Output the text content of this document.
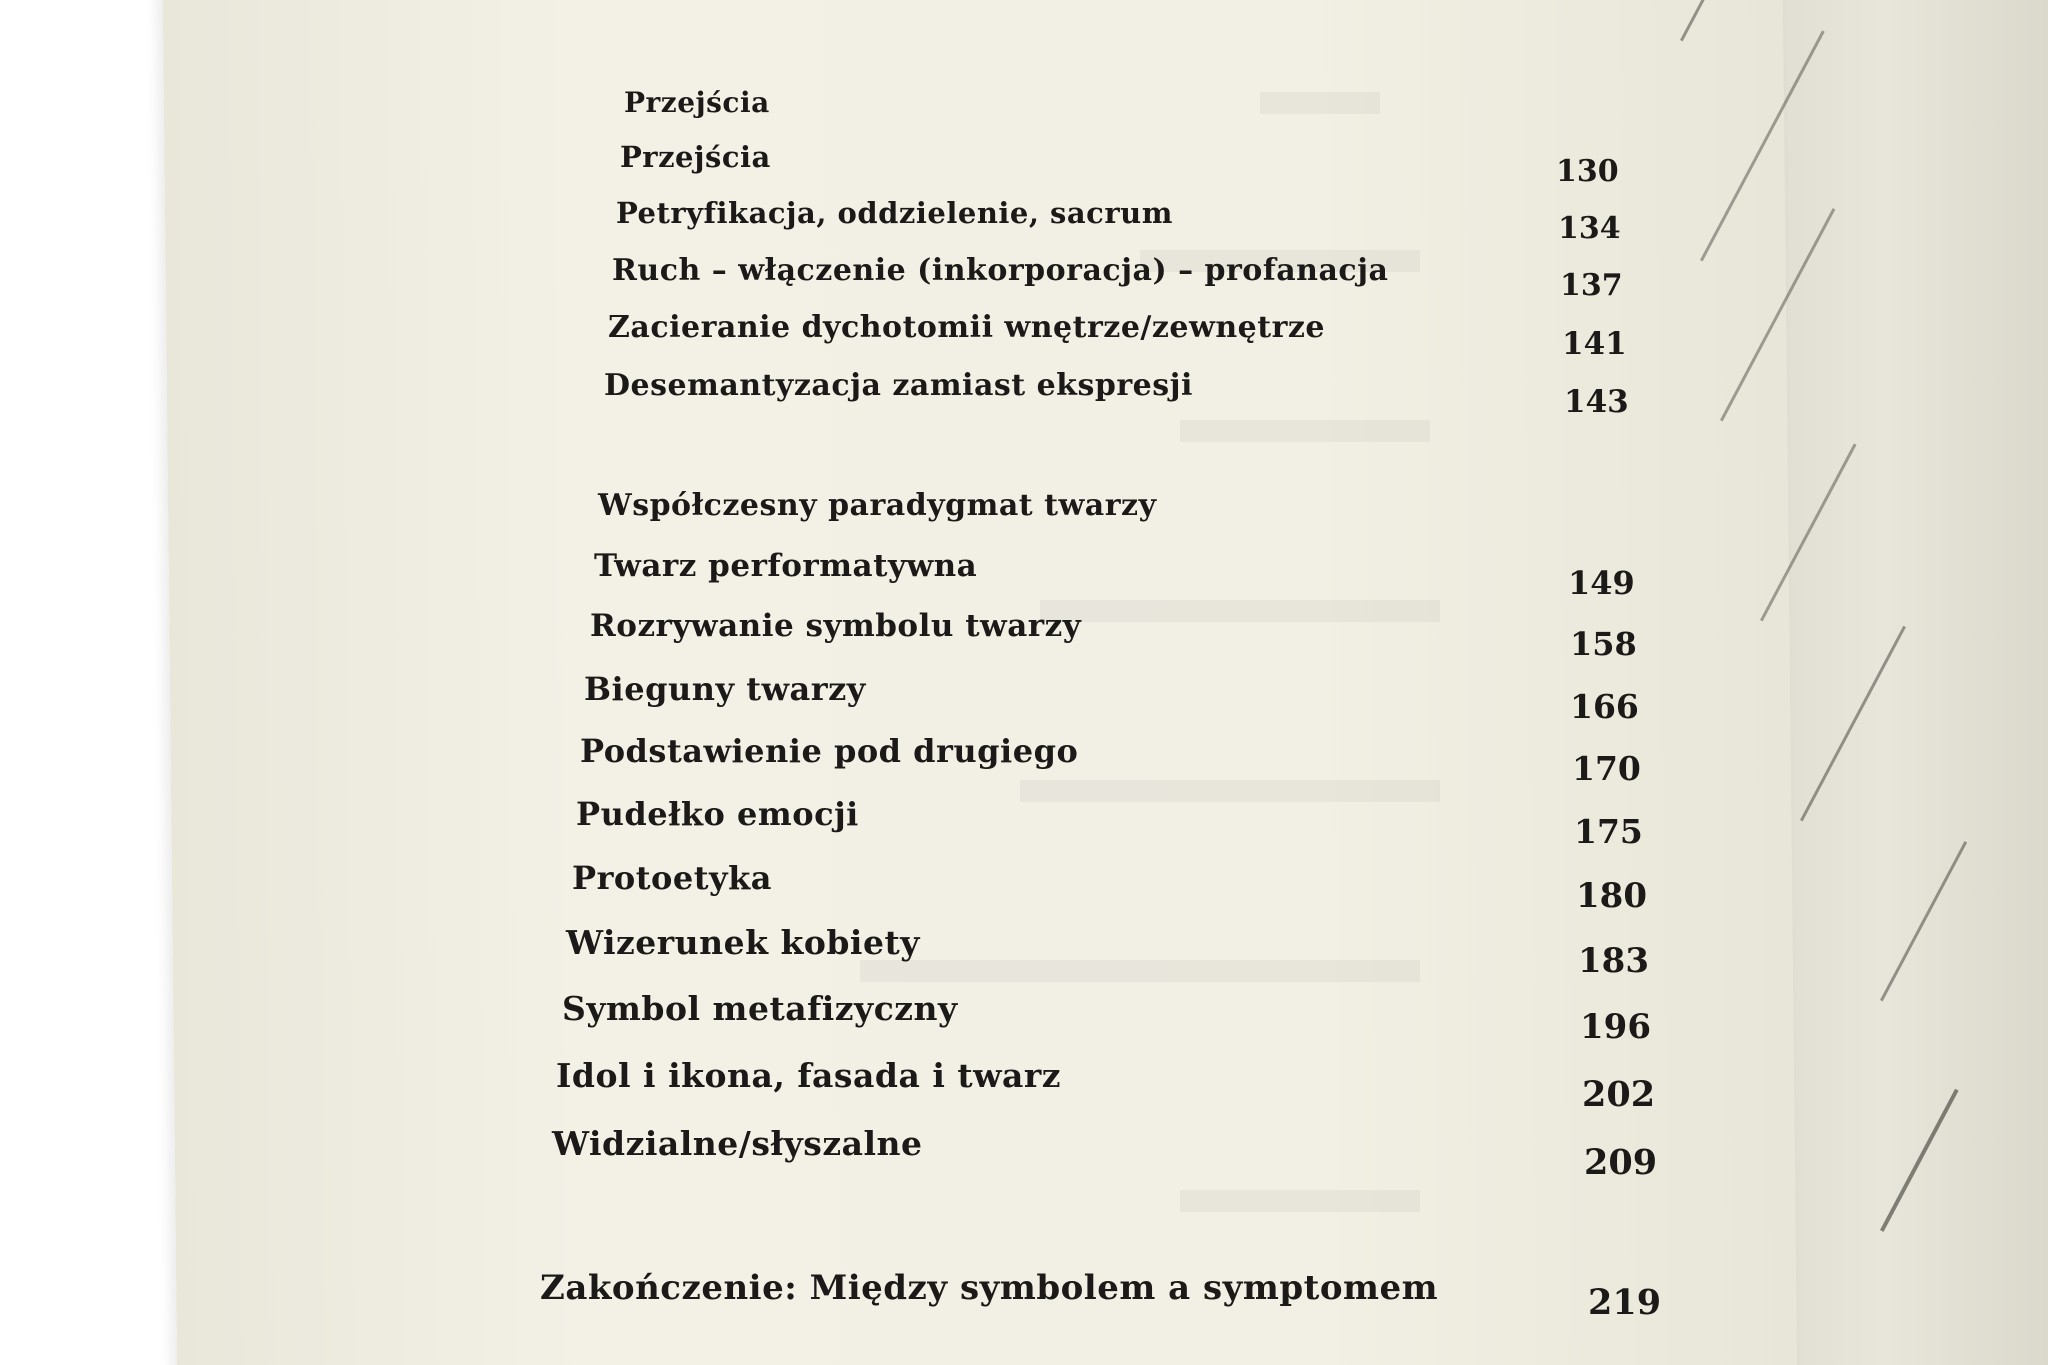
Przejścia
Przejścia	130
Petryfikacja, oddzielenie, sacrum	134
Ruch – włączenie (inkorporacja) – profanacja	137
Zacieranie dychotomii wnętrze/zewnętrze	141
Desemantyzacja zamiast ekspresji	143
Współczesny paradygmat twarzy
Twarz performatywna	149
Rozrywanie symbolu twarzy	158
Bieguny twarzy	166
Podstawienie pod drugiego	170
Pudełko emocji	175
Protoetyka	180
Wizerunek kobiety	183
Symbol metafizyczny	196
Idol i ikona, fasada i twarz	202
Widzialne/słyszalne	209
Zakończenie: Między symbolem a symptomem	219
